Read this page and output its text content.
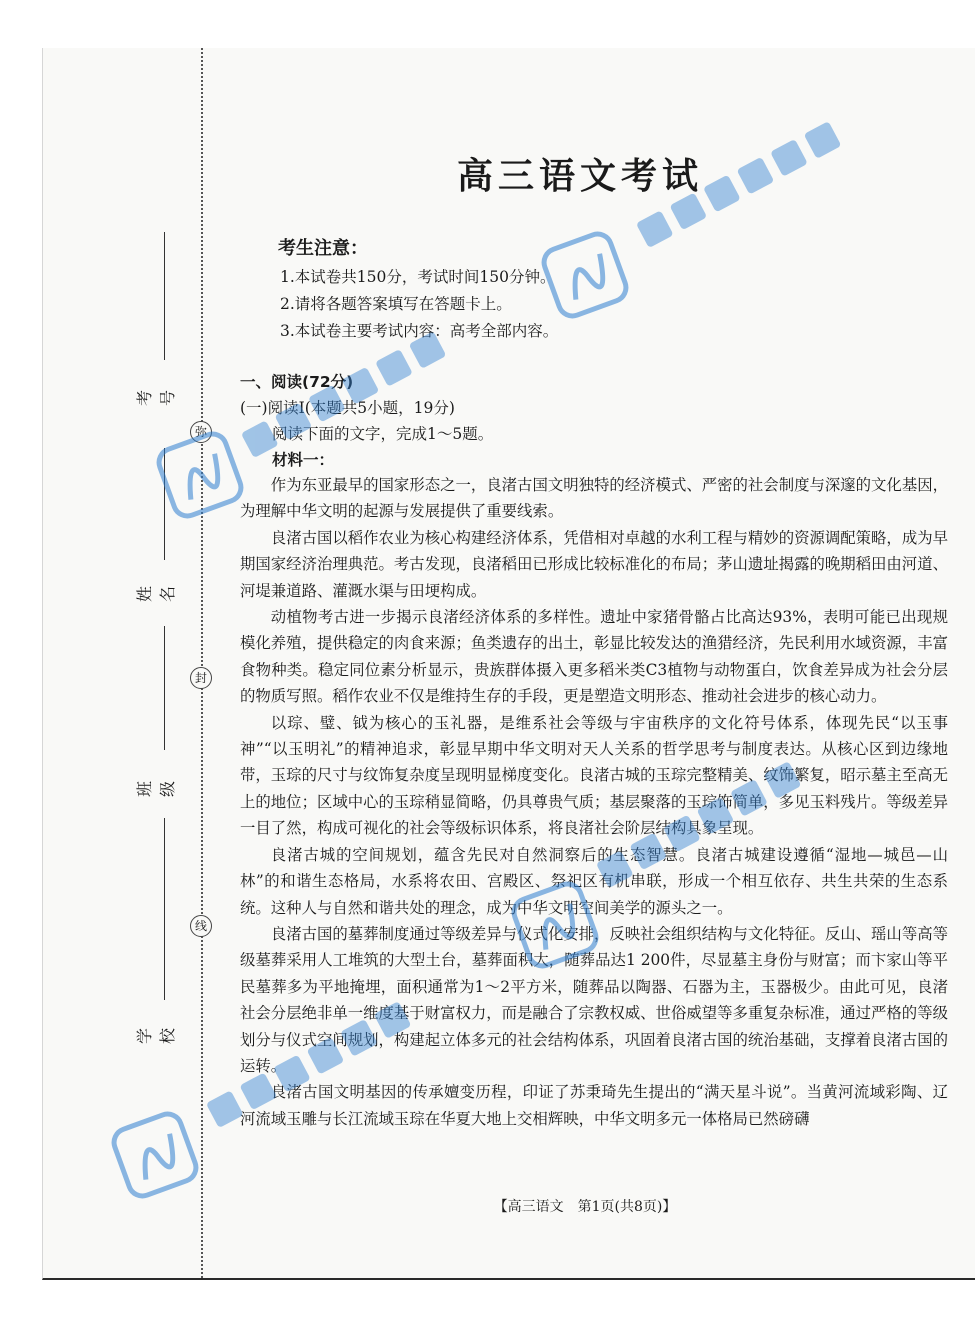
弥
封
线
考号
姓名
班级
学校
高三语文考试
考生注意：
1.本试卷共150分，考试时间150分钟。
2.请将各题答案填写在答题卡上。
3.本试卷主要考试内容：高考全部内容。
一、阅读(72分)
(一)阅读Ⅰ(本题共5小题，19分)
阅读下面的文字，完成1～5题。
材料一：

作为东亚最早的国家形态之一，良渚古国文明独特的经济模式、严密的社会制度与深邃的文化基因，为理解中华文明的起源与发展提供了重要线索。

良渚古国以稻作农业为核心构建经济体系，凭借相对卓越的水利工程与精妙的资源调配策略，成为早期国家经济治理典范。考古发现，良渚稻田已形成比较标准化的布局；茅山遗址揭露的晚期稻田由河道、河堤兼道路、灌溉水渠与田埂构成。

动植物考古进一步揭示良渚经济体系的多样性。遗址中家猪骨骼占比高达93%，表明可能已出现规模化养殖，提供稳定的肉食来源；鱼类遗存的出土，彰显比较发达的渔猎经济，先民利用水域资源，丰富食物种类。稳定同位素分析显示，贵族群体摄入更多稻米类C3植物与动物蛋白，饮食差异成为社会分层的物质写照。稻作农业不仅是维持生存的手段，更是塑造文明形态、推动社会进步的核心动力。

以琮、璧、钺为核心的玉礼器，是维系社会等级与宇宙秩序的文化符号体系，体现先民“以玉事神”“以玉明礼”的精神追求，彰显早期中华文明对天人关系的哲学思考与制度表达。从核心区到边缘地带，玉琮的尺寸与纹饰复杂度呈现明显梯度变化。良渚古城的玉琮完整精美、纹饰繁复，昭示墓主至高无上的地位；区域中心的玉琮稍显简略，仍具尊贵气质；基层聚落的玉琮饰简单，多见玉料残片。等级差异一目了然，构成可视化的社会等级标识体系，将良渚社会阶层结构具象呈现。

良渚古城的空间规划，蕴含先民对自然洞察后的生态智慧。良渚古城建设遵循“湿地—城邑—山林”的和谐生态格局，水系将农田、宫殿区、祭祀区有机串联，形成一个相互依存、共生共荣的生态系统。这种人与自然和谐共处的理念，成为中华文明空间美学的源头之一。

良渚古国的墓葬制度通过等级差异与仪式化安排，反映社会组织结构与文化特征。反山、瑶山等高等级墓葬采用人工堆筑的大型土台，墓葬面积大，随葬品达1 200件，尽显墓主身份与财富；而卞家山等平民墓葬多为平地掩埋，面积通常为1～2平方米，随葬品以陶器、石器为主，玉器极少。由此可见，良渚社会分层绝非单一维度基于财富权力，而是融合了宗教权威、世俗威望等多重复杂标准，通过严格的等级划分与仪式空间规划，构建起立体多元的社会结构体系，巩固着良渚古国的统治基础，支撑着良渚古国的运转。

良渚古国文明基因的传承嬗变历程，印证了苏秉琦先生提出的“满天星斗说”。当黄河流域彩陶、辽河流域玉雕与长江流域玉琮在华夏大地上交相辉映，中华文明多元一体格局已然磅礴

【高三语文　第1页(共8页)】
